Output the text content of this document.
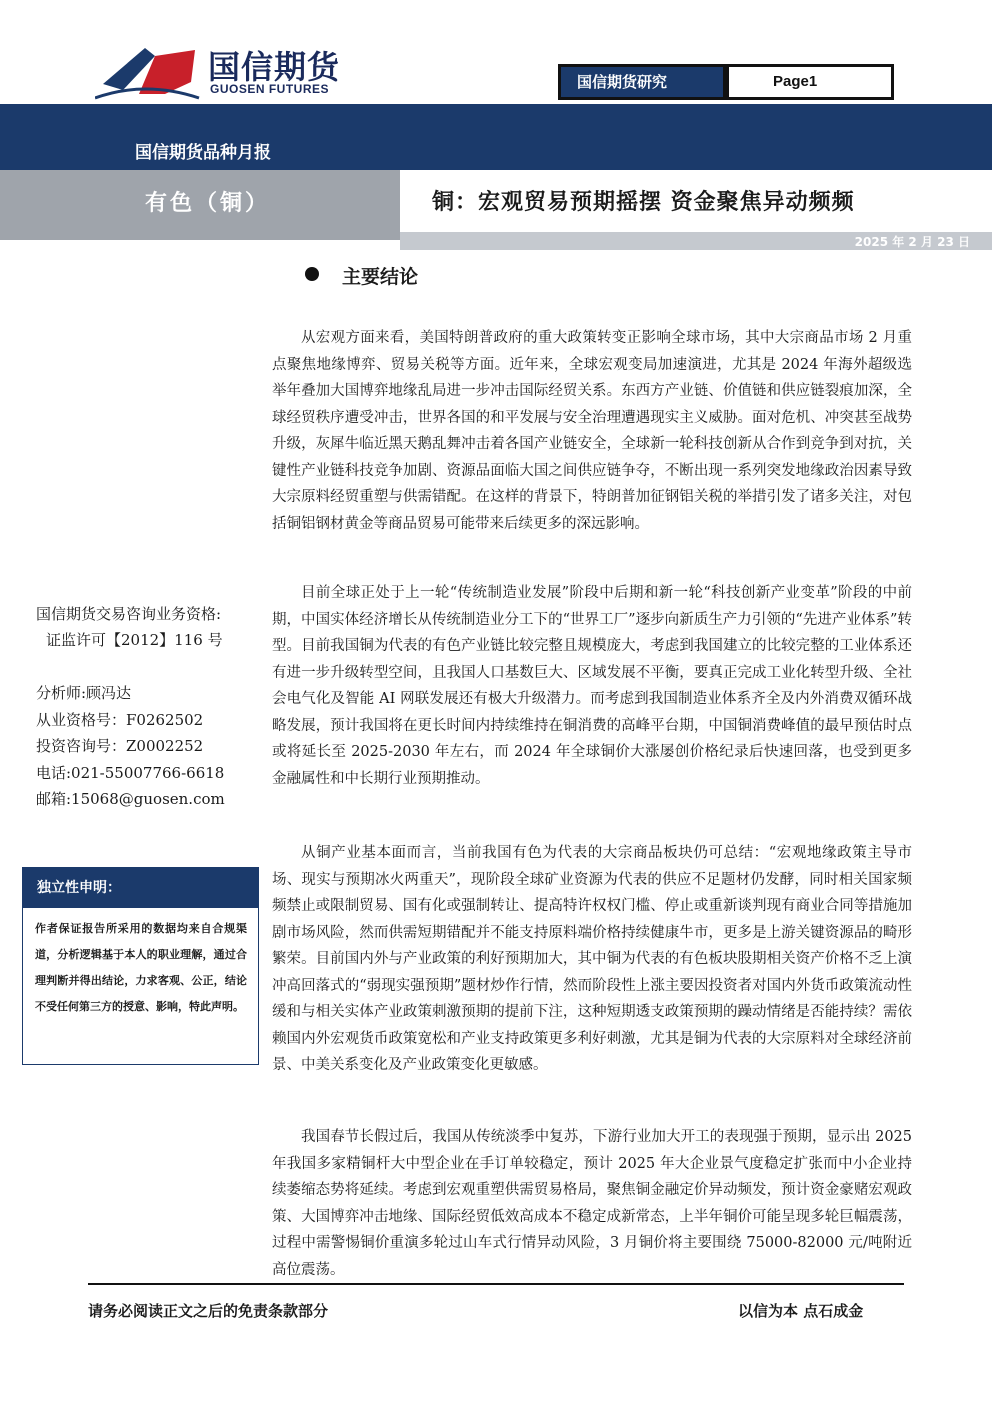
国信期货
GUOSEN FUTURES	国信期货研究	Page1
国信期货品种月报
有色（铜）	铜：宏观贸易预期摇摆 资金聚焦异动频频
2025 年 2 月 23 日
主要结论
从宏观方面来看，美国特朗普政府的重大政策转变正影响全球市场，其中大宗商品市场 2 月重点聚焦地缘博弈、贸易关税等方面。近年来，全球宏观变局加速演进，尤其是 2024 年海外超级选举年叠加大国博弈地缘乱局进一步冲击国际经贸关系。东西方产业链、价值链和供应链裂痕加深，全球经贸秩序遭受冲击，世界各国的和平发展与安全治理遭遇现实主义威胁。面对危机、冲突甚至战势升级，灰犀牛临近黑天鹅乱舞冲击着各国产业链安全，全球新一轮科技创新从合作到竞争到对抗，关键性产业链科技竞争加剧、资源品面临大国之间供应链争夺，不断出现一系列突发地缘政治因素导致大宗原料经贸重塑与供需错配。在这样的背景下，特朗普加征钢铝关税的举措引发了诸多关注，对包括铜铝钢材黄金等商品贸易可能带来后续更多的深远影响。
目前全球正处于上一轮“传统制造业发展”阶段中后期和新一轮“科技创新产业变革”阶段的中前期，中国实体经济增长从传统制造业分工下的“世界工厂”逐步向新质生产力引领的“先进产业体系”转型。目前我国铜为代表的有色产业链比较完整且规模庞大，考虑到我国建立的比较完整的工业体系还有进一步升级转型空间，且我国人口基数巨大、区域发展不平衡，要真正完成工业化转型升级、全社会电气化及智能 AI 网联发展还有极大升级潜力。而考虑到我国制造业体系齐全及内外消费双循环战略发展，预计我国将在更长时间内持续维持在铜消费的高峰平台期，中国铜消费峰值的最早预估时点或将延长至 2025-2030 年左右，而 2024 年全球铜价大涨屡创价格纪录后快速回落，也受到更多金融属性和中长期行业预期推动。
从铜产业基本面而言，当前我国有色为代表的大宗商品板块仍可总结：“宏观地缘政策主导市场、现实与预期冰火两重天”，现阶段全球矿业资源为代表的供应不足题材仍发酵，同时相关国家频频禁止或限制贸易、国有化或强制转让、提高特许权权门槛、停止或重新谈判现有商业合同等措施加剧市场风险，然而供需短期错配并不能支持原料端价格持续健康牛市，更多是上游关键资源品的畸形繁荣。目前国内外与产业政策的利好预期加大，其中铜为代表的有色板块股期相关资产价格不乏上演冲高回落式的“弱现实强预期”题材炒作行情，然而阶段性上涨主要因投资者对国内外货币政策流动性缓和与相关实体产业政策刺激预期的提前下注，这种短期透支政策预期的躁动情绪是否能持续？需依赖国内外宏观货币政策宽松和产业支持政策更多利好刺激，尤其是铜为代表的大宗原料对全球经济前景、中美关系变化及产业政策变化更敏感。
我国春节长假过后，我国从传统淡季中复苏，下游行业加大开工的表现强于预期，显示出 2025 年我国多家精铜杆大中型企业在手订单较稳定，预计 2025 年大企业景气度稳定扩张而中小企业持续萎缩态势将延续。考虑到宏观重塑供需贸易格局，聚焦铜金融定价异动频发，预计资金豪赌宏观政策、大国博弈冲击地缘、国际经贸低效高成本不稳定成新常态，上半年铜价可能呈现多轮巨幅震荡，过程中需警惕铜价重演多轮过山车式行情异动风险，3 月铜价将主要围绕 75000-82000 元/吨附近高位震荡。
国信期货交易咨询业务资格:
证监许可【2012】116 号
分析师:顾冯达
从业资格号：F0262502
投资咨询号：Z0002252
电话:021-55007766-6618
邮箱:15068@guosen.com
独立性申明：
作者保证报告所采用的数据均来自合规渠道，分析逻辑基于本人的职业理解，通过合理判断并得出结论，力求客观、公正，结论不受任何第三方的授意、影响，特此声明。
请务必阅读正文之后的免责条款部分	以信为本 点石成金
